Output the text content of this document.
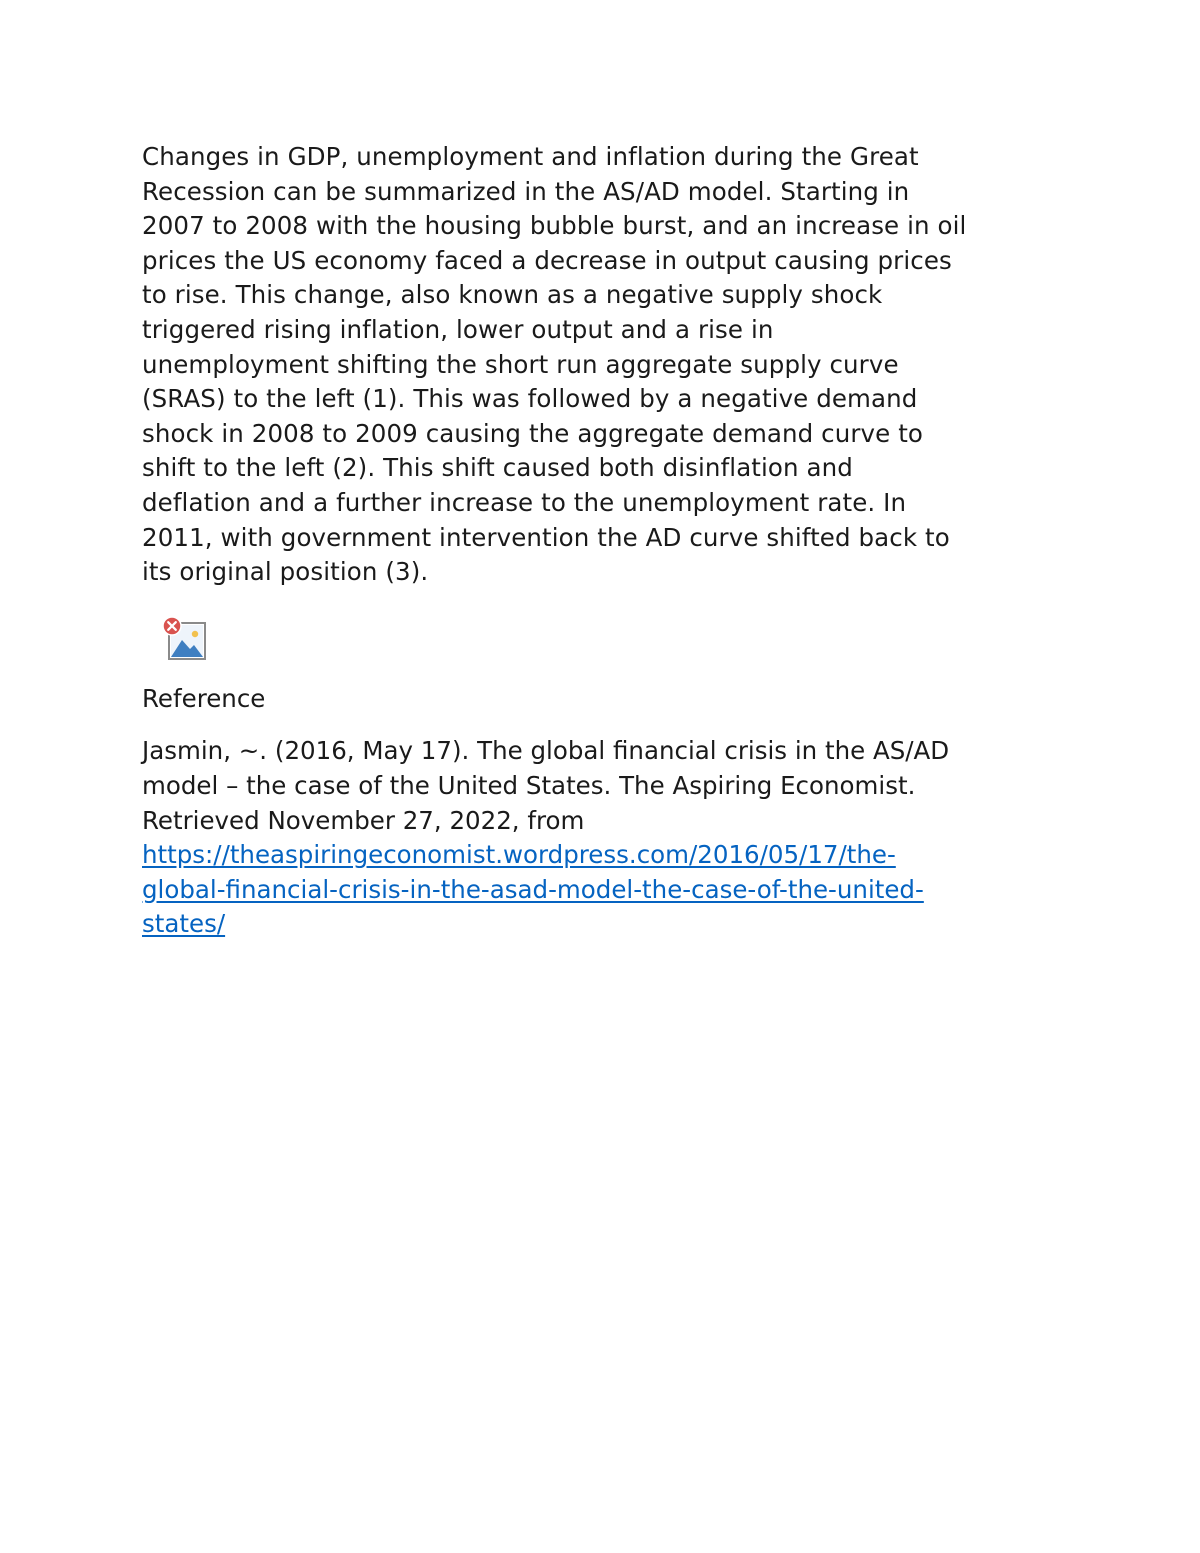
Changes in GDP, unemployment and inflation during the Great
Recession can be summarized in the AS/AD model. Starting in
2007 to 2008 with the housing bubble burst, and an increase in oil
prices the US economy faced a decrease in output causing prices
to rise. This change, also known as a negative supply shock
triggered rising inflation, lower output and a rise in
unemployment shifting the short run aggregate supply curve
(SRAS) to the left (1). This was followed by a negative demand
shock in 2008 to 2009 causing the aggregate demand curve to
shift to the left (2). This shift caused both disinflation and
deflation and a further increase to the unemployment rate. In
2011, with government intervention the AD curve shifted back to
its original position (3).

Reference

Jasmin, ~. (2016, May 17). The global financial crisis in the AS/AD
model – the case of the United States. The Aspiring Economist.
Retrieved November 27, 2022, from
https://theaspiringeconomist.wordpress.com/2016/05/17/the-
global-financial-crisis-in-the-asad-model-the-case-of-the-united-
states/
